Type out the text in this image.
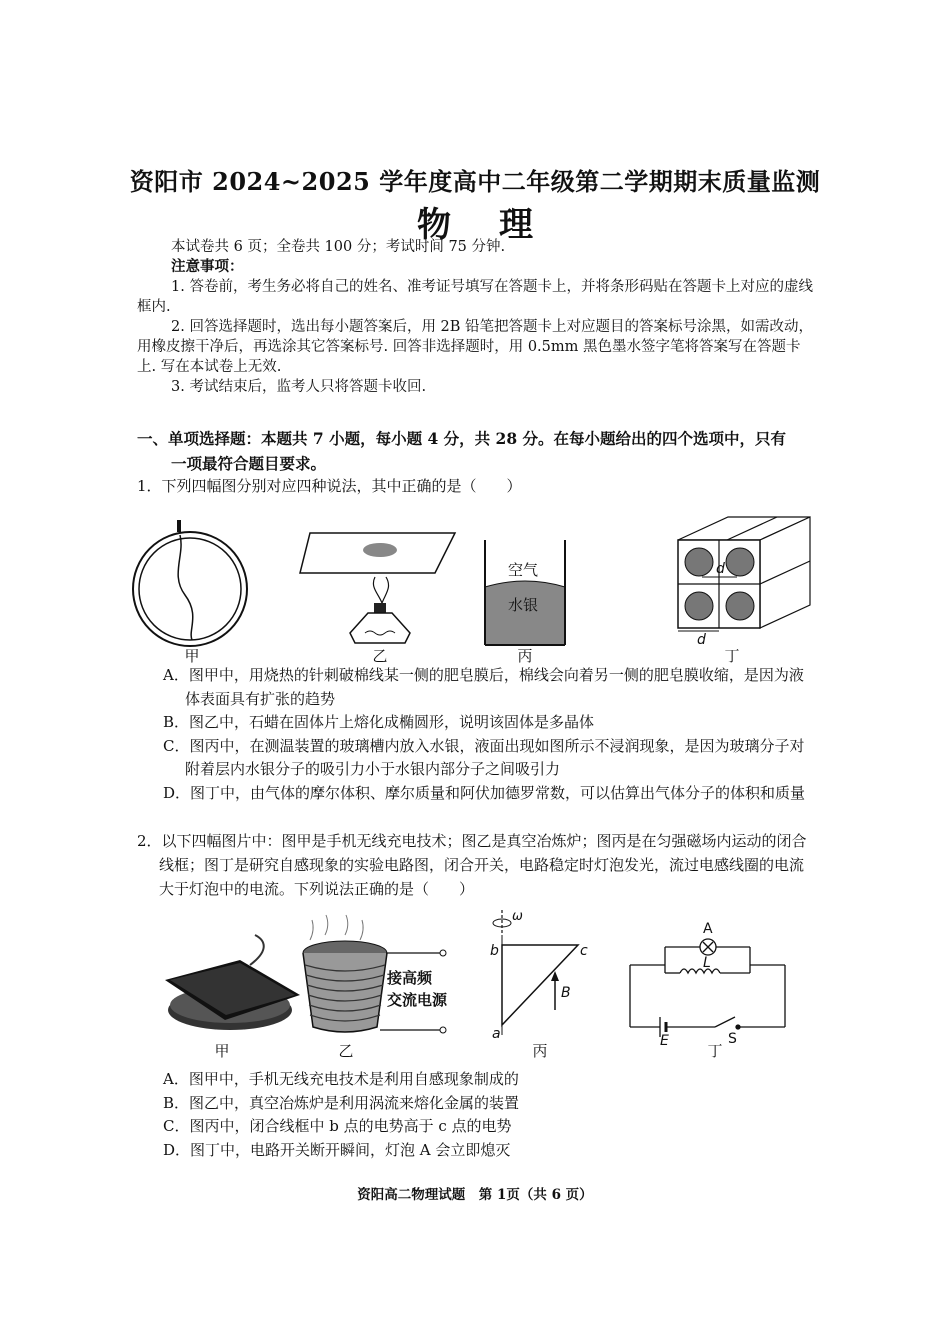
资阳市 2024~2025 学年度高中二年级第二学期期末质量监测
物理

本试卷共 6 页；全卷共 100 分；考试时间 75 分钟.

注意事项：

1. 答卷前，考生务必将自己的姓名、准考证号填写在答题卡上，并将条形码贴在答题卡上对应的虚线框内.

2. 回答选择题时，选出每小题答案后，用 2B 铅笔把答题卡上对应题目的答案标号涂黑，如需改动，用橡皮擦干净后，再选涂其它答案标号. 回答非选择题时，用 0.5mm 黑色墨水签字笔将答案写在答题卡上. 写在本试卷上无效.

3. 考试结束后，监考人只将答题卡收回.

一、单项选择题：本题共 7 小题，每小题 4 分，共 28 分。在每小题给出的四个选项中，只有
一项最符合题目要求。
1．下列四幅图分别对应四种说法，其中正确的是（　　）
空气
水银
d
d
甲	乙	丙	丁
A．图甲中，用烧热的针刺破棉线某一侧的肥皂膜后，棉线会向着另一侧的肥皂膜收缩，是因为液体表面具有扩张的趋势
B．图乙中，石蜡在固体片上熔化成椭圆形，说明该固体是多晶体
C．图丙中，在测温装置的玻璃槽内放入水银，液面出现如图所示不浸润现象，是因为玻璃分子对附着层内水银分子的吸引力小于水银内部分子之间吸引力
D．图丁中，由气体的摩尔体积、摩尔质量和阿伏加德罗常数，可以估算出气体分子的体积和质量
2．以下四幅图片中：图甲是手机无线充电技术；图乙是真空冶炼炉；图丙是在匀强磁场内运动的闭合线框；图丁是研究自感现象的实验电路图，闭合开关，电路稳定时灯泡发光，流过电感线圈的电流大于灯泡中的电流。下列说法正确的是（　　）
接高频
交流电源
ω
b	c
a
B
A
L
E	S
甲	乙	丙	丁
A．图甲中，手机无线充电技术是利用自感现象制成的
B．图乙中，真空冶炼炉是利用涡流来熔化金属的装置
C．图丙中，闭合线框中 b 点的电势高于 c 点的电势
D．图丁中，电路开关断开瞬间，灯泡 A 会立即熄灭
资阳高二物理试题　第 1页（共 6 页）
